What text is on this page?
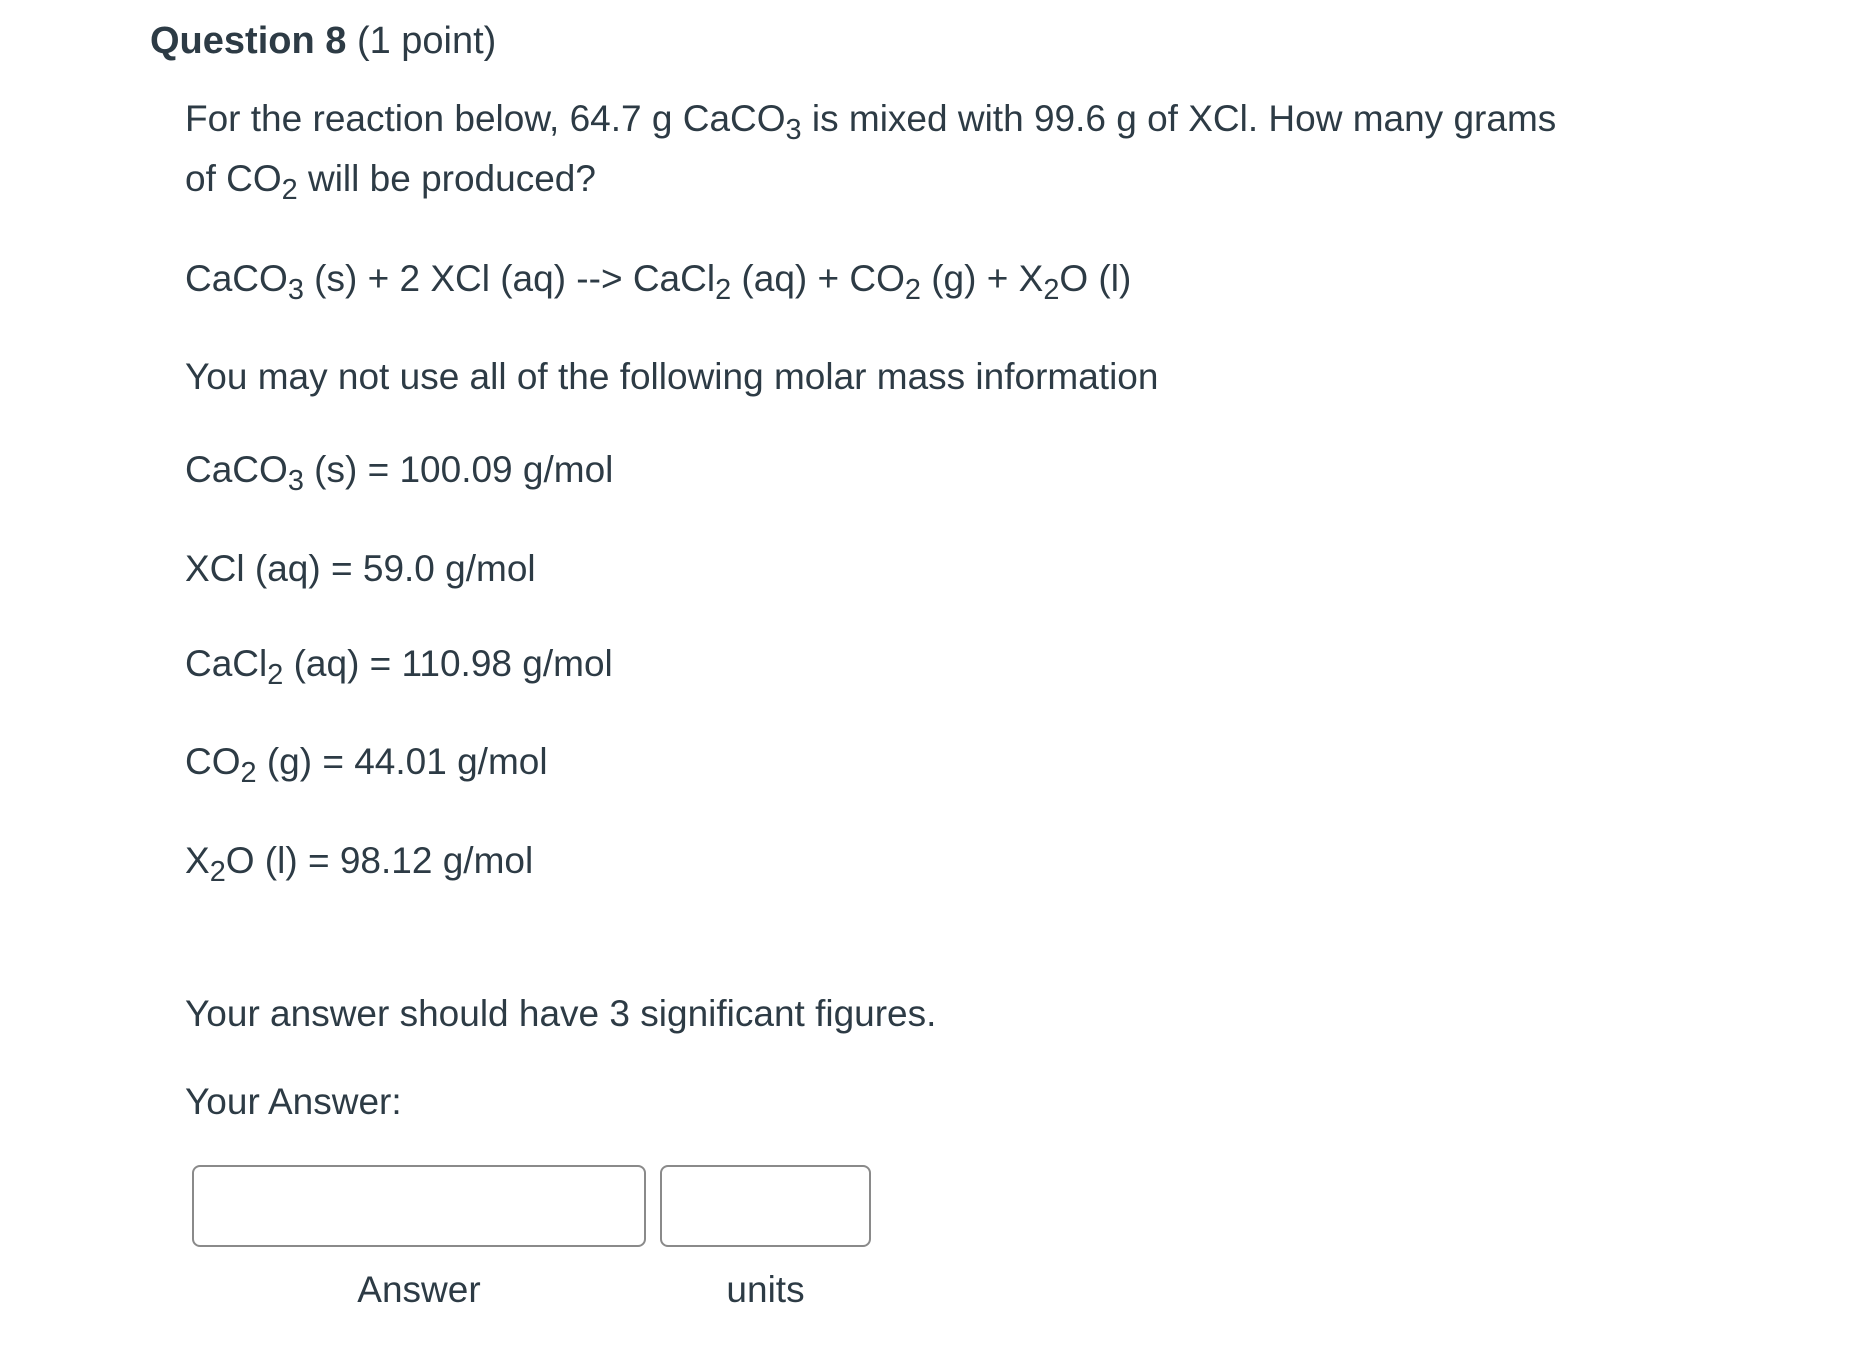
Question 8 (1 point)
For the reaction below, 64.7 g CaCO$_3$ is mixed with 99.6 g of XCl. How many grams
of $CO_2$ will be produced?
CaCO$_3$ (s) + 2 XCl (aq) --> CaCl$_2$ $(aq) + CO_2$ $(g) + X_2O$ (l)
You may not use all of the following molar mass information
CaCO$_3$ (s) = 100.09 g/mol
XCl (aq) = 59.0 g/mol
CaCl$_2$ (aq) = 110.98 g/mol
$CO_2$ (g) = 44.01 g/mol
$X_2O$ (l) = 98.12 g/mol
Your answer should have 3 significant figures.
Your Answer:
Answer	units
